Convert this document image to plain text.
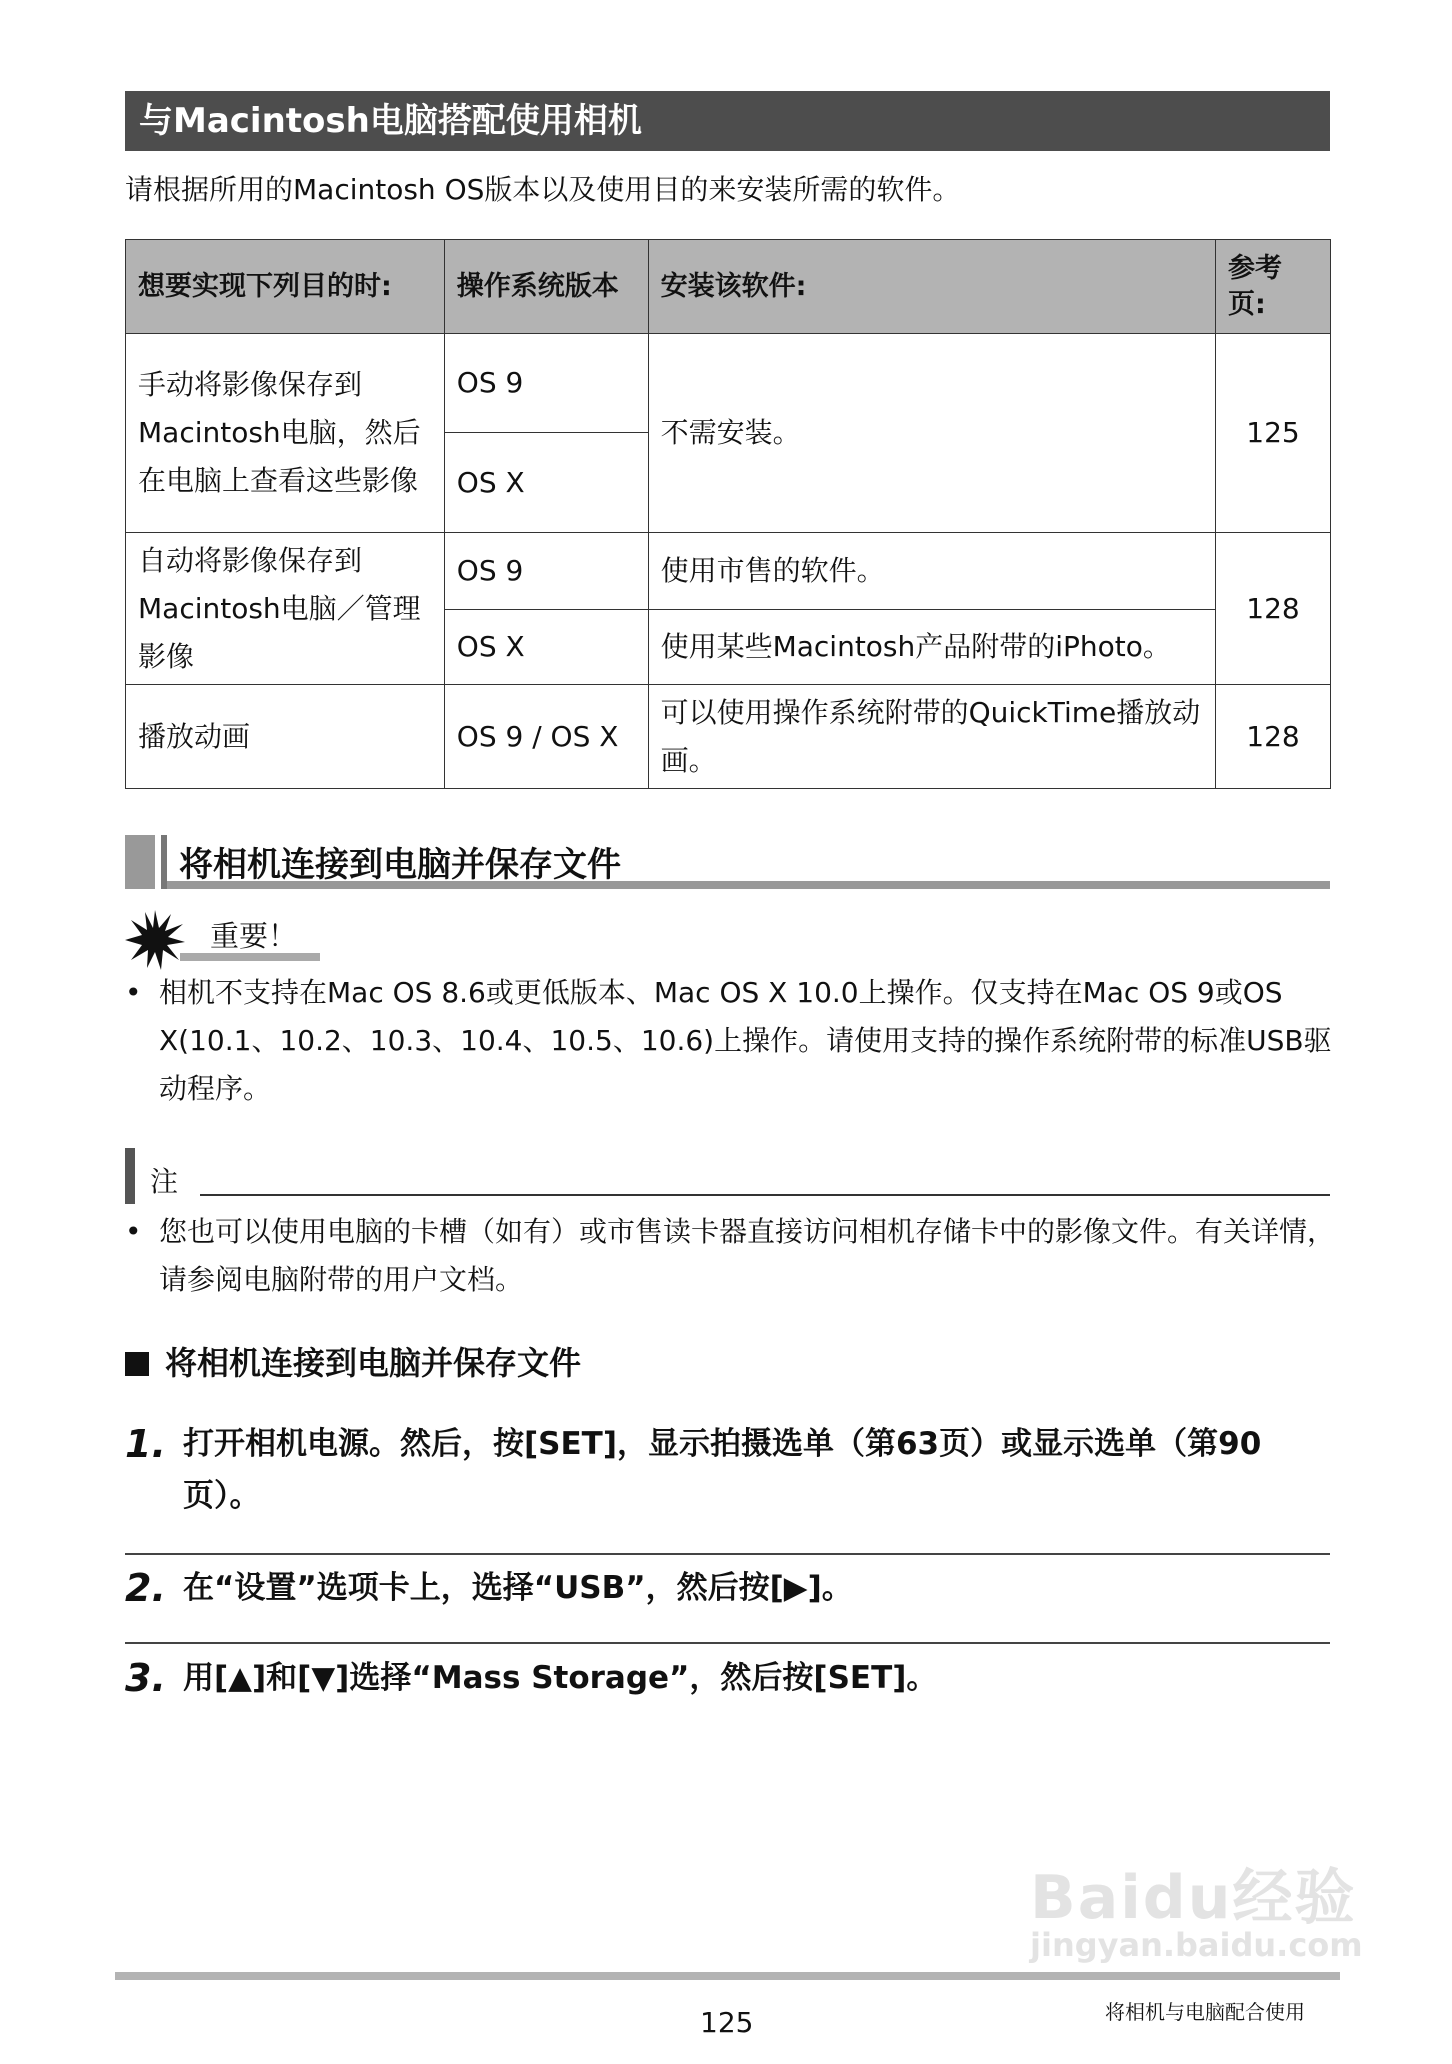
与Macintosh电脑搭配使用相机
请根据所用的Macintosh OS版本以及使用目的来安装所需的软件。
想要实现下列目的时:	操作系统版本	安装该软件:	参考页:
手动将影像保存到Macintosh电脑，然后在电脑上查看这些影像	OS 9	不需安装。	125
	OS X		
自动将影像保存到Macintosh电脑／管理影像	OS 9	使用市售的软件。	128
	OS X	使用某些Macintosh产品附带的iPhoto。	
播放动画	OS 9 / OS X	可以使用操作系统附带的QuickTime播放动画。	128
将相机连接到电脑并保存文件
重要！
• 相机不支持在Mac OS 8.6或更低版本、Mac OS X 10.0上操作。仅支持在Mac OS 9或OS X(10.1、10.2、10.3、10.4、10.5、10.6)上操作。请使用支持的操作系统附带的标准USB驱动程序。
注
• 您也可以使用电脑的卡槽（如有）或市售读卡器直接访问相机存储卡中的影像文件。有关详情，请参阅电脑附带的用户文档。
将相机连接到电脑并保存文件
1. 打开相机电源。然后，按[SET]，显示拍摄选单（第63页）或显示选单（第90页）。
2. 在“设置”选项卡上，选择“USB”，然后按[▶]。
3. 用[▲]和[▼]选择“Mass Storage”，然后按[SET]。
Baidu经验
jingyan.baidu.com
125	将相机与电脑配合使用
